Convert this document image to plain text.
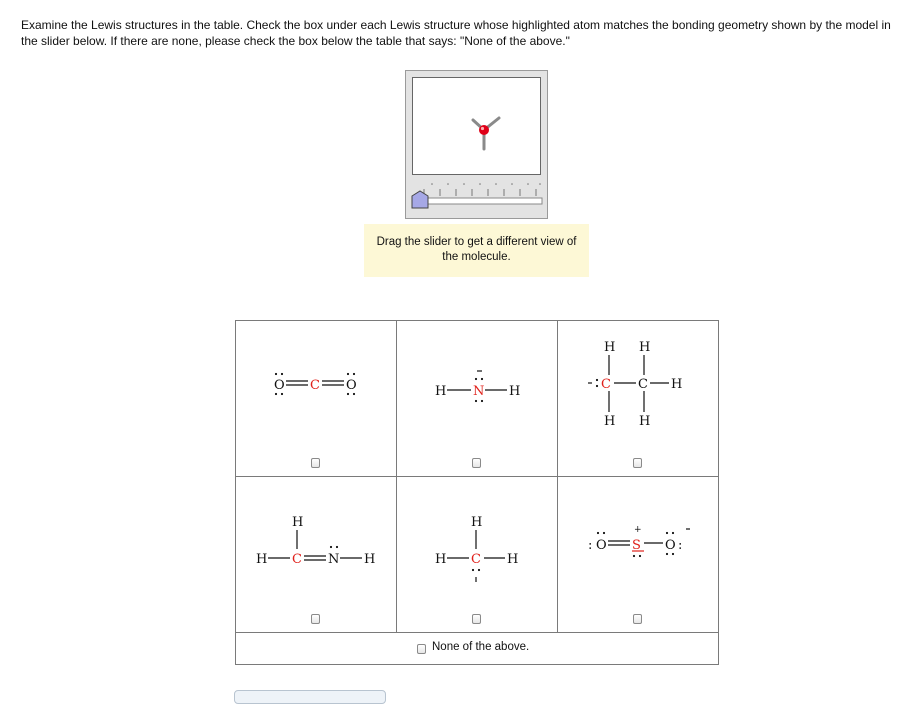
Examine the Lewis structures in the table. Check the box under each Lewis structure whose highlighted atom matches the bonding geometry shown by the model in the slider below. If there are none, please check the box below the table that says: "None of the above."
Drag the slider to get a different view of the molecule.
O C O	H N H
H H
H H
C C H
H
H C N H
H
H C H
: O S O :
+
None of the above.
